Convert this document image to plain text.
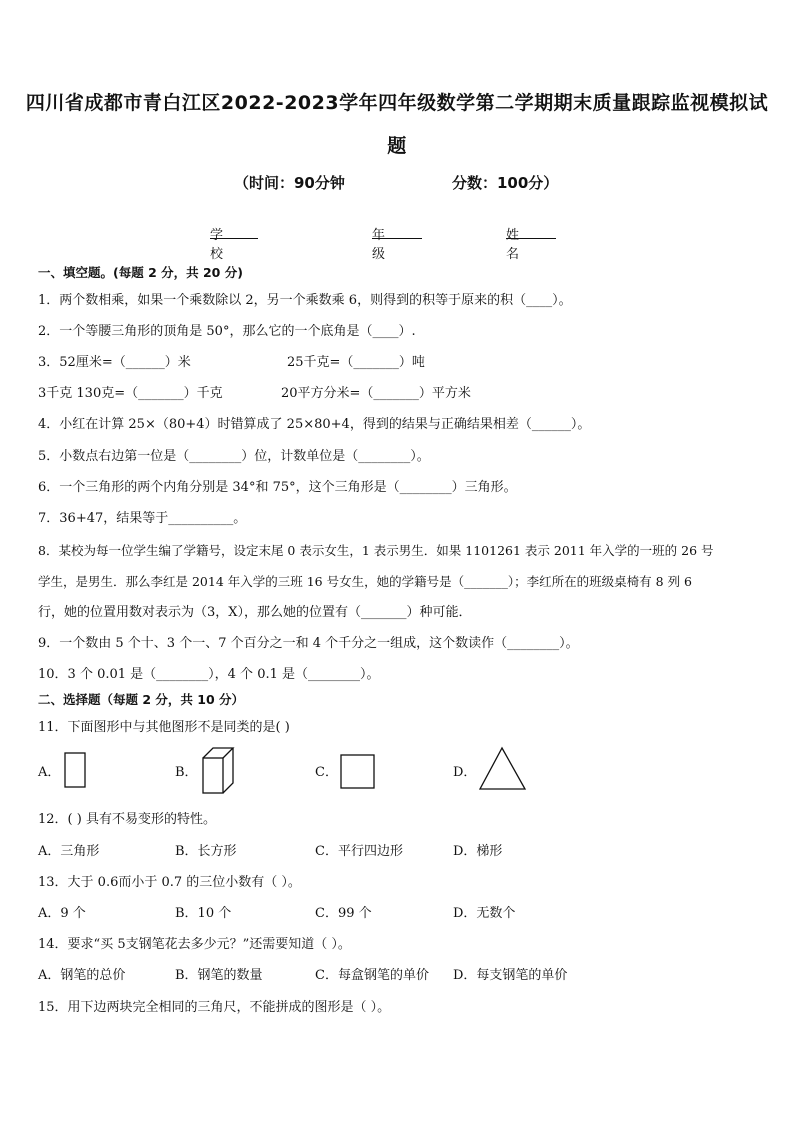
四川省成都市青白江区2022-2023学年四年级数学第二学期期末质量跟踪监视模拟试
题
（时间：90分钟	分数：100分）
学校
年级
姓名
一、填空题。(每题 2 分，共 20 分)
1．两个数相乘，如果一个乘数除以 2，另一个乘数乘 6，则得到的积等于原来的积（____）。
2．一个等腰三角形的顶角是 50°，那么它的一个底角是（____）.
3．52厘米=（______）米	25千克=（_______）吨
3千克 130克=（_______）千克	20平方分米=（_______）平方米
4．小红在计算 25×（80+4）时错算成了 25×80+4，得到的结果与正确结果相差（______）。
5．小数点右边第一位是（________）位，计数单位是（________）。
6．一个三角形的两个内角分别是 34°和 75°，这个三角形是（________）三角形。
7．36+47，结果等于__________。
8．某校为每一位学生编了学籍号，设定末尾 0 表示女生，1 表示男生．如果 1101261 表示 2011 年入学的一班的 26 号
学生，是男生．那么李红是 2014 年入学的三班 16 号女生，她的学籍号是（_______）；李红所在的班级桌椅有 8 列 6
行，她的位置用数对表示为（3，X），那么她的位置有（_______）种可能．
9．一个数由 5 个十、3 个一、7 个百分之一和 4 个千分之一组成，这个数读作（________）。
10．3 个 0.01 是（________），4 个 0.1 是（________）。
二、选择题（每题 2 分，共 10 分）
11．下面图形中与其他图形不是同类的是( )
A．	B．	C．	D．
12．( ) 具有不易变形的特性。
A．三角形	B．长方形	C．平行四边形	D．梯形
13．大于 0.6而小于 0.7 的三位小数有（ ）。
A．9 个	B．10 个	C．99 个	D．无数个
14．要求“买 5支钢笔花去多少元？”还需要知道（ ）。
A．钢笔的总价	B．钢笔的数量	C．每盒钢笔的单价 D．每支钢笔的单价
15．用下边两块完全相同的三角尺，不能拼成的图形是（ ）。
